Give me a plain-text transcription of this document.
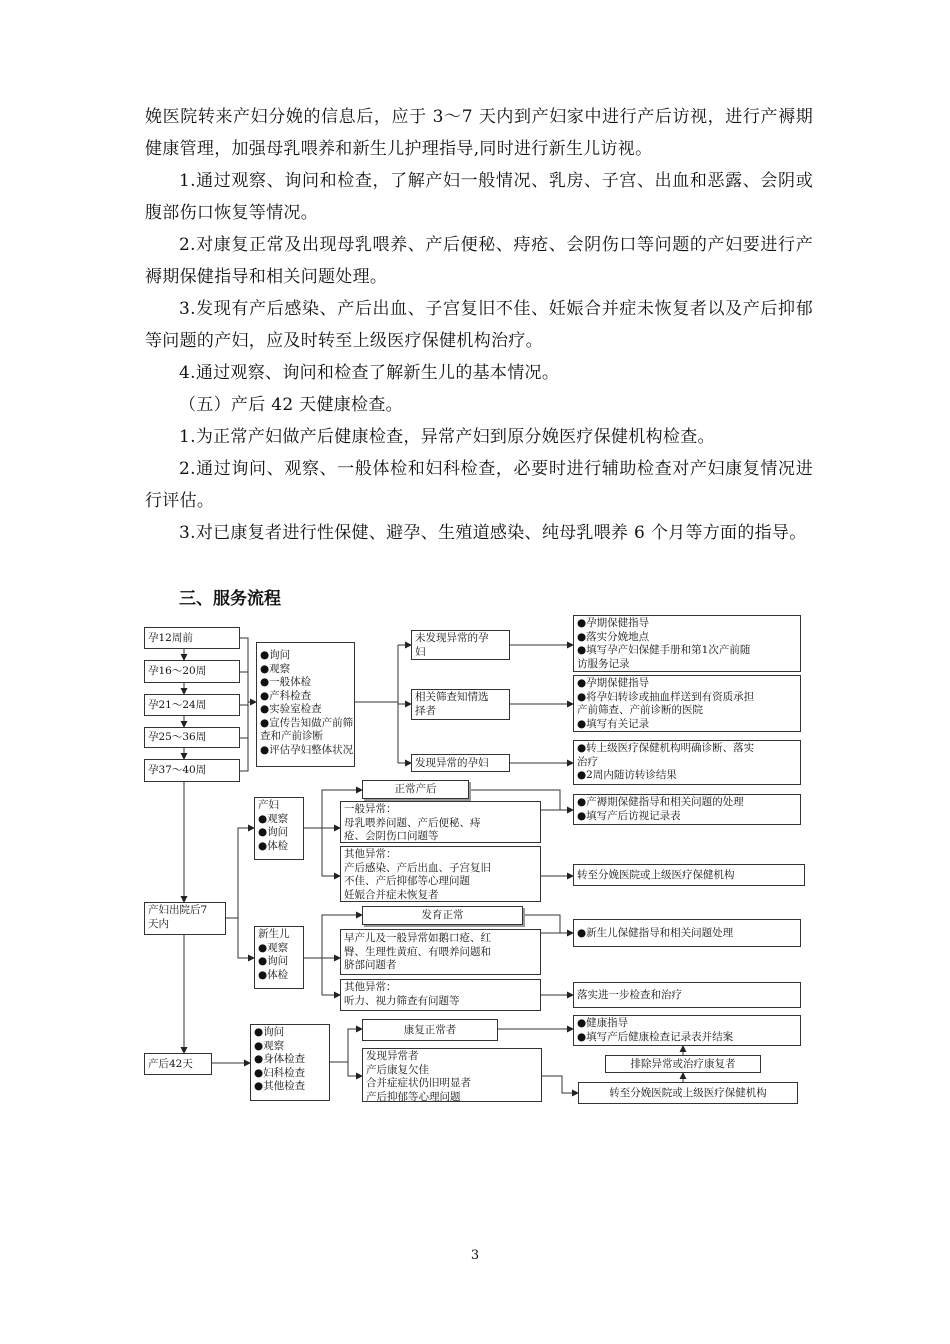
娩医院转来产妇分娩的信息后，应于 3～7 天内到产妇家中进行产后访视，进行产褥期健康管理，加强母乳喂养和新生儿护理指导,同时进行新生儿访视。

1.通过观察、询问和检查，了解产妇一般情况、乳房、子宫、出血和恶露、会阴或腹部伤口恢复等情况。

2.对康复正常及出现母乳喂养、产后便秘、痔疮、会阴伤口等问题的产妇要进行产褥期保健指导和相关问题处理。

3.发现有产后感染、产后出血、子宫复旧不佳、妊娠合并症未恢复者以及产后抑郁等问题的产妇，应及时转至上级医疗保健机构治疗。

4.通过观察、询问和检查了解新生儿的基本情况。

（五）产后 42 天健康检查。

1.为正常产妇做产后健康检查，异常产妇到原分娩医疗保健机构检查。

2.通过询问、观察、一般体检和妇科检查，必要时进行辅助检查对产妇康复情况进行评估。

3.对已康复者进行性保健、避孕、生殖道感染、纯母乳喂养 6 个月等方面的指导。

三、服务流程

孕12周前
孕16～20周
孕21～24周
孕25～36周
孕37～40周
●询问
●观察
●一般体检
●产科检查
●实验室检查
●宣传告知做产前筛
查和产前诊断
●评估孕妇整体状况
未发现异常的孕
妇
相关筛查知情选
择者
发现异常的孕妇
●孕期保健指导
●落实分娩地点
●填写孕产妇保健手册和第1次产前随
访服务记录
●孕期保健指导
●将孕妇转诊或抽血样送到有资质承担
产前筛查、产前诊断的医院
●填写有关记录
●转上级医疗保健机构明确诊断、落实
治疗
●2周内随访转诊结果
产妇出院后7
天内
产妇
●观察
●询问
●体检
正常产后
一般异常：
母乳喂养问题、产后便秘、痔
疮、会阴伤口问题等
其他异常：
产后感染、产后出血、子宫复旧
不佳、产后抑郁等心理问题
妊娠合并症未恢复者
●产褥期保健指导和相关问题的处理
●填写产后访视记录表
转至分娩医院或上级医疗保健机构
新生儿
●观察
●询问
●体检
发育正常
早产儿及一般异常如鹅口疮、红
臀、生理性黄疸、有喂养问题和
脐部问题者
其他异常：
听力、视力筛查有问题等
●新生儿保健指导和相关问题处理
落实进一步检查和治疗
产后42天
●询问
●观察
●身体检查
●妇科检查
●其他检查
康复正常者
发现异常者
产后康复欠佳
合并症症状仍旧明显者
产后抑郁等心理问题
●健康指导
●填写产后健康检查记录表并结案
排除异常或治疗康复者
转至分娩医院或上级医疗保健机构
3
